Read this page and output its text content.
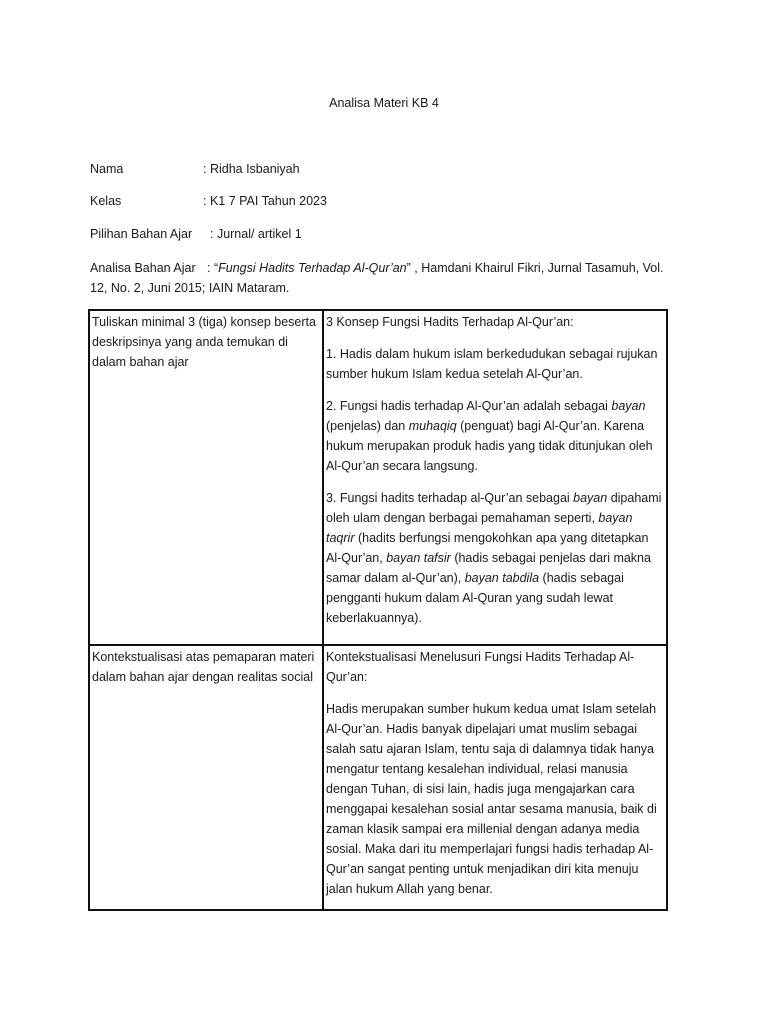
Analisa Materi KB 4
Nama	: Ridha Isbaniyah
Kelas	: K1 7 PAI Tahun 2023
Pilihan Bahan Ajar : Jurnal/ artikel 1
Analisa Bahan Ajar : “Fungsi Hadits Terhadap Al-Qur’an” , Hamdani Khairul Fikri, Jurnal Tasamuh, Vol. 12, No. 2, Juni 2015; IAIN Mataram.
Tuliskan minimal 3 (tiga) konsep beserta deskripsinya yang anda temukan di dalam bahan ajar	3 Konsep Fungsi Hadits Terhadap Al-Qur’an:

1. Hadis dalam hukum islam berkedudukan sebagai rujukan sumber hukum Islam kedua setelah Al-Qur’an.

2. Fungsi hadis terhadap Al-Qur’an adalah sebagai bayan (penjelas) dan muhaqiq (penguat) bagi Al-Qur’an. Karena hukum merupakan produk hadis yang tidak ditunjukan oleh Al-Qur’an secara langsung.

3. Fungsi hadits terhadap al-Qur’an sebagai bayan dipahami oleh ulam dengan berbagai pemahaman seperti, bayan taqrir (hadits berfungsi mengokohkan apa yang ditetapkan Al-Qur’an, bayan tafsir (hadis sebagai penjelas dari makna samar dalam al-Qur’an), bayan tabdila (hadis sebagai pengganti hukum dalam Al-Quran yang sudah lewat keberlakuannya).

Kontekstualisasi atas pemaparan materi dalam bahan ajar dengan realitas social	Kontekstualisasi Menelusuri Fungsi Hadits Terhadap Al-Qur’an:

Hadis merupakan sumber hukum kedua umat Islam setelah Al-Qur’an. Hadis banyak dipelajari umat muslim sebagai salah satu ajaran Islam, tentu saja di dalamnya tidak hanya mengatur tentang kesalehan individual, relasi manusia dengan Tuhan, di sisi lain, hadis juga mengajarkan cara menggapai kesalehan sosial antar sesama manusia, baik di zaman klasik sampai era millenial dengan adanya media sosial. Maka dari itu memperlajari fungsi hadis terhadap Al-Qur’an sangat penting untuk menjadikan diri kita menuju jalan hukum Allah yang benar.
